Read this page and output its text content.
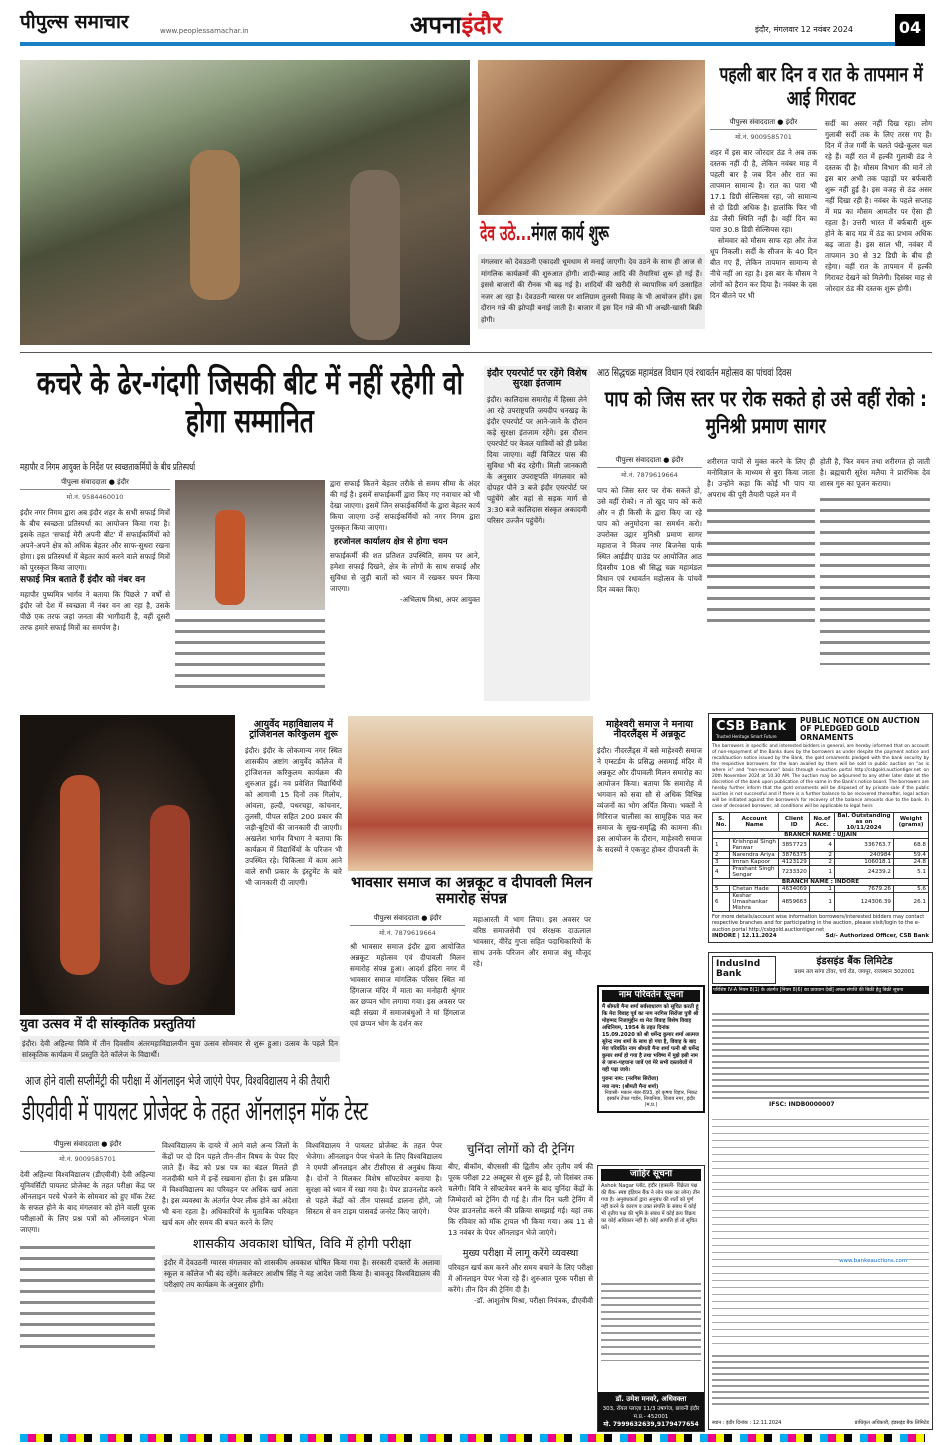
पीपुल्स समाचार	www.peoplessamachar.in	अपनाइंदौर	इंदौर, मंगलवार 12 नवंबर 2024	04
देव उठे...मंगल कार्य शुरू
मंगलवार को देवउठनी एकादशी धूमधाम से मनाई जाएगी। देव उठने के साथ ही आज से मांगलिक कार्यक्रमों की शुरुआत होगी। शादी-ब्याह आदि की तैयारियां शुरू हो गई हैं। इससे बाजारों की रौनक भी बढ़ गई है। शादियों की खरीदी से व्यापारिक वर्ग उत्साहित नजर आ रहा है। देवउठनी ग्यारस पर शालिग्राम तुलसी विवाह के भी आयोजन होंगे। इस दौरान गन्ने की झोपड़ी बनाई जाती है। बाजार में इस दिन गन्ने की भी अच्छी-खासी बिक्री होगी।
पहली बार दिन व रात के तापमान में आई गिरावट
पीपुल्स संवाददाता ● इंदौर
मो.नं. 9009585701
शहर में इस बार जोरदार ठंड ने अब तक दस्तक नहीं दी है, लेकिन नवंबर माह में पहली बार है जब दिन और रात का तापमान सामान्य है। रात का पारा भी 17.1 डिग्री सेल्सियस रहा, जो सामान्य से दो डिग्री अधिक है। हालांकि फिर भी ठंड जैसी स्थिति नहीं है। वहीं दिन का पारा 30.8 डिग्री सेल्सियस रहा।
सोमवार को मौसम साफ रहा और तेज धूप निकली। सर्दी के सीजन के 40 दिन बीत गए हैं, लेकिन तापमान सामान्य से नीचे नहीं आ रहा है। इस बार के मौसम ने लोगों को हैरान कर दिया है। नवंबर के दस दिन बीतने पर भी
सर्दी का असर नहीं दिख रहा। लोग गुलाबी सर्दी तक के लिए तरस गए हैं। दिन में तेज गर्मी के चलते पंखे-कूलर चल रहे हैं। वहीं रात में हल्की गुलाबी ठंड ने दस्तक दी है। मौसम विभाग की मानें तो इस बार अभी तक पहाड़ों पर बर्फबारी शुरू नहीं हुई है। इस वजह से ठंड असर नहीं दिखा रही है। नवंबर के पहले सप्ताह में मप्र का मौसम आमतौर पर ऐसा ही रहता है। उत्तरी भारत में बर्फबारी शुरू होने के बाद मप्र में ठंड का प्रभाव अधिक बढ़ जाता है। इस साल भी, नवंबर में तापमान 30 से 32 डिग्री के बीच ही रहेगा। वहीं रात के तापमान में हल्की गिरावट देखने को मिलेगी। दिसंबर माह से जोरदार ठंड की दस्तक शुरू होगी।
कचरे के ढेर-गंदगी जिसकी बीट में नहीं रहेगी वो होगा सम्मानित
महापौर व निगम आयुक्त के निर्देश पर स्वच्छताकर्मियों के बीच प्रतिस्पर्धा
पीपुल्स संवाददाता ● इंदौर
मो.नं. 9584460010
इंदौर नगर निगम द्वारा अब इंदौर शहर के सभी सफाई मित्रों के बीच स्वच्छता प्रतिस्पर्धा का आयोजन किया गया है। इसके तहत 'सफाई मेरी अपनी बीट' में सफाईकर्मियों को अपने-अपने क्षेत्र को अधिक बेहतर और साफ-सुथरा रखना होगा। इस प्रतिस्पर्धा में बेहतर कार्य करने वाले सफाई मित्रों को पुरस्कृत किया जाएगा।
सफाई मित्र बताते हैं इंदौर को नंबर वन
महापौर पुष्यमित्र भार्गव ने बताया कि पिछले 7 वर्षों से इंदौर जो देश में स्वच्छता में नंबर वन आ रहा है, उसके पीछे एक तरफ जहां जनता की भागीदारी है, वहीं दूसरी तरफ हमारे सफाई मित्रों का समर्पण है।
द्वारा सफाई कितने बेहतर तरीके से समय सीमा के अंदर की गई है। इसमें सफाईकर्मी द्वारा किए गए नवाचार को भी देखा जाएगा। इसमें जिन सफाईकर्मियों के द्वारा बेहतर कार्य किया जाएगा उन्हें सफाईकर्मियों को नगर निगम द्वारा पुरस्कृत किया जाएगा।
हरजोनल कार्यालय क्षेत्र से होगा चयन
सफाईकर्मी की शत प्रतिशत उपस्थिति, समय पर आने, हमेशा सफाई दिखने, क्षेत्र के लोगों के साथ सफाई और सुविधा से जुड़ी बातों को ध्यान में रखकर चयन किया जाएगा।
-अभिलाष मिश्रा, अपर आयुक्त
इंदौर एयरपोर्ट पर रहेंगे विशेष सुरक्षा इंतजाम
इंदौर। कालिदास समारोह में हिस्सा लेने आ रहे उपराष्ट्रपति जयदीप धनखड़ के इंदौर एयरपोर्ट पर आने-जाने के दौरान कड़े सुरक्षा इंतजाम रहेंगे। इस दौरान एयरपोर्ट पर केवल यात्रियों को ही प्रवेश दिया जाएगा। वहीं विजिटर पास की सुविधा भी बंद रहेगी। मिली जानकारी के अनुसार उपराष्ट्रपति मंगलवार को दोपहर पौने 3 बजे इंदौर एयरपोर्ट पर पहुंचेंगे और वहां से सड़क मार्ग से 3:30 बजे कालिदास संस्कृत अकादमी परिसर उज्जैन पहुंचेंगे।
आठ सिद्धचक्र महामंडल विधान एवं रथावर्तन महोत्सव का पांचवां दिवस
पाप को जिस स्तर पर रोक सकते हो उसे वहीं रोको : मुनिश्री प्रमाण सागर
पीपुल्स संवाददाता ● इंदौर
मो.नं. 7879619664
पाप को जिस स्तर पर रोक सकते हो, उसे वहीं रोको। न तो खुद पाप को करो और न ही किसी के द्वारा किए जा रहे पाप को अनुमोदना का समर्थन करो। उपरोक्त उद्गार मुनिश्री प्रमाण सागर महाराज ने विजय नगर बिजनेस पार्क स्थित आईडीए ग्राउंड पर आयोजित आठ दिवसीय 108 श्री सिद्ध चक्र महामंडल विधान एवं रथावर्तन महोत्सव के पांचवें दिन व्यक्त किए।
शरीरगत पापों से मुक्त करने के लिए ही मनोविज्ञान के माध्यम से बुरा किया जाता है। उन्होंने कहा कि कोई भी पाप या अपराध की पूरी तैयारी पहले मन में
होती है, फिर वचन तथा शरीरगत हो जाती है। ब्रह्मचारी सुरेश मलैया ने प्रारंभिक देव शास्त्र गुरु का पूजन कराया।
युवा उत्सव में दी सांस्कृतिक प्रस्तुतियां
इंदौर। देवी अहिल्या विवि में तीन दिवसीय अंतरमहाविद्यालयीन युवा उत्सव सोमवार से शुरू हुआ। उत्सव के पहले दिन सांस्कृतिक कार्यक्रम में प्रस्तुति देते कॉलेज के विद्यार्थी।
आयुर्वेद महाविद्यालय में ट्रांजिशनल करिकुलम शुरू
इंदौर। इंदौर के लोकमान्य नगर स्थित शासकीय अष्टांग आयुर्वेद कॉलेज में ट्रांजिशनल करिकुलम कार्यक्रम की शुरुआत हुई। नव प्रवेशित विद्यार्थियों को आगामी 15 दिनों तक गिलोय, आंवला, हल्दी, पथरचट्टा, कांचनार, तुलसी, पीपल सहित 200 प्रकार की जड़ी-बूटियों की जानकारी दी जाएगी। अखलेश भार्गव विभाग ने बताया कि कार्यक्रम में विद्यार्थियों के परिजन भी उपस्थित रहे। चिकित्सा में काम आने वाले सभी प्रकार के इंस्ट्रूमेंट के बारे भी जानकारी दी जाएगी।	भावसार समाज का अन्नकूट व दीपावली मिलन समारोह संपन्न
पीपुल्स संवाददाता ● इंदौर
मो.नं. 7879619664
श्री भावसार समाज इंदौर द्वारा आयोजित अन्नकूट महोत्सव एवं दीपावली मिलन समारोह संपन्न हुआ। आदर्श इंदिरा नगर में भावसार समाज मांगलिक परिसर स्थित मां हिंगलाज मंदिर में माता का मनोहारी श्रृंगार कर छप्पन भोग लगाया गया। इस अवसर पर बड़ी संख्या में समाजबंधुओं ने मां हिंगलाज एवं छप्पन भोग के दर्शन कर
महाआरती में भाग लिया। इस अवसर पर वरिष्ठ समाजसेवी एवं संरक्षक दाऊलाल भावसार, वीरेंद्र गुप्ता सहित पदाधिकारियों के साथ उनके परिजन और समाज बंधु मौजूद रहे।
माहेश्वरी समाज ने मनाया नीदरलैंड्स में अन्नकूट
इंदौर। नीदरलैंड्स में बसे माहेश्वरी समाज ने एम्स्टर्डम के प्रसिद्ध असमाई मंदिर में अन्नकूट और दीपावली मिलन समारोह का आयोजन किया। बताया कि समारोह में भगवान को सवा सौ से अधिक विभिन्न व्यंजनों का भोग अर्पित किया। भक्तों ने गिरिराज चालीसा का सामूहिक पाठ कर समाज के सुख-समृद्धि की कामना की। इस आयोजन के दौरान, माहेश्वरी समाज के सदस्यों ने एकजुट होकर दीपावली के
CSB Bank
Trusted Heritage Smart Future
PUBLIC NOTICE ON AUCTION OF PLEDGED GOLD ORNAMENTS
The borrowers in specific and interested bidders in general, are hereby informed that on account of non-repayment of the Banks dues by the borrowers as under despite the payment notice and recall/auction notice issued by the Bank, the gold ornaments pledged with the bank security by the respective borrowers for the loan availed by them will be sold in public auction on "as is where is" and "non-recourse" basis through e-auction portal http://csbgold.auctiontiger.net on 20th November 2024 at 10.30 AM. The auction may be adjourned to any other later date at the discretion of the bank upon publication of the same in the Bank's notice board. The borrowers are hereby further inform that the gold ornaments will be disposed of by private sale if the public auction is not successful and if there is a further balance to be recovered thereafter, legal action will be initiated against the borrower/s for recovery of the balance amounts due to the bank. In case of deceased borrower, all conditions will be applicable to legal heirs
S. No.	Account Name	Client ID	No.of Acc.	Bal. Outstanding as on 10/11/2024	Weight (grams)
BRANCH NAME : UJJAIN					
1	Krishnpal Singh Panwar	3857723	4	336763.7	68.8
2	Narendra Ariya	3876375	2	240984	59.4
3	Imran Kapoor	4123129	2	106018.1	24.8
4	Prashant Singh Sengar	7233320	1	24239.2	5.1
BRANCH NAME : INDORE					
5	Chetan Hade	4634069	1	7679.26	5.6
6	Keshar Umashankar Mishra	4859663	1	124306.39	26.1
For more details/account wise information borrowers/interested bidders may contact respective branches and for participating in the auction, please visit/login to the e-auction portal http://csbgold.auctiontiger.net
INDORE | 12.11.2024	Sd/- Authorized Officer, CSB Bank
IndusInd Bank
इंडसइंड बैंक लिमिटेड
प्रथम तल सांगा टॉवर, चर्च रोड, जयपुर, राजस्थान 302001
परिशिष्ट IV-A नियम 8(1) के अंतर्गत [नियम 8(6) का प्रावधान देखें] अचल संपत्ति की बिक्री हेतु बिक्री सूचना
IFSC: INDB0000007
www.bankeauctions.com
स्थान : इंदौर दिनांक : 12.11.2024	प्राधिकृत अधिकारी, इंडसइंड बैंक लिमिटेड
नाम परिवर्तन सूचना
मैं श्रीमती मैना शर्मा सर्वसाधारण को सूचित करती हूं कि मेरा विवाह पूर्व का नाम नरगिस सिरोंजा पुत्री श्री मोहम्मद निजामुद्दीन था मेरा विवाह विशेष विवाह अधिनियम, 1954 के तहत दिनांक 15.09.2020 को श्री धर्मेन्द्र कुमार शर्मा आत्मज सुरेन्द्र नाथ शर्मा के साथ हो गया है, विवाह के बाद मेरा परिवर्तित नाम श्रीमती मैना शर्मा पत्नी श्री धर्मेन्द्र कुमार शर्मा हो गया है तथा भविष्य में मुझे इसी नाम से जाना-पहचाना जावें एवं मेरे सभी दस्तावेजों में यही पढ़ा जावे।
पुराना नाम: (नरगिस सिरोंजा)
नया नाम: (श्रीमती मैना शर्मा)
निवासी- मकान नंबर-893, हरे कृष्णा विहार, निकट इस्कॉन टेंपल गार्डन, निपानिया, विजय नगर, इंदौर (म.प्र.)
जाहिर सूचना
Ashok Nagar प्लॉट, इंदौर (हासली- विक्रेता पक्ष की बैंक- स्पष्ट इंडियन बैंक ने लोन पास का लोन) तीन गया है। अनुबंधकर्ता द्वारा अनुबंध की शर्तों को पूर्ण नहीं करने के कारण व उक्त संपत्ति के संबंध में कोई भी तृतीय पक्ष की भूमि के संबंध में कोई क्रय विक्रय का कोई अधिकार नहीं है। कोई आपत्ति हो तो सूचित करें।
डॉ. उमेश मनवरे, अधिवक्ता
303, रॉयल प्लाज़ा 11/3 उषागंज, छावनी इंदौर म.प्र.- 452001
मो. 7999632639,9179477654
आज होने वाली सप्लीमेंट्री की परीक्षा में ऑनलाइन भेजे जाएंगे पेपर, विश्वविद्यालय ने की तैयारी
डीएवीवी में पायलट प्रोजेक्ट के तहत ऑनलाइन मॉक टेस्ट
पीपुल्स संवाददाता ● इंदौर
मो.नं. 9009585701
देवी अहिल्या विश्वविद्यालय (डीएवीवी) देवी अहिल्या यूनिवर्सिटी पायलट प्रोजेक्ट के तहत परीक्षा केंद्र पर ऑनलाइन परचे भेजने के सोमवार को हुए मॉक टेस्ट के सफल होने के बाद मंगलवार को होने वाली पूरक परीक्षाओं के लिए प्रश्न पत्रों को ऑनलाइन भेजा जाएगा।
विश्वविद्यालय के दायरे में आने वाले अन्य जिलों के केंद्रों पर दो दिन पहले तीन-तीन विषय के पेपर दिए जाते हैं। केंद्र को प्रश्न पत्र का बंडल मिलते ही नजदीकी थाने में इन्हें रखवाना होता है। इस प्रक्रिया में विश्वविद्यालय का परिवहन पर अधिक खर्च आता है। इस व्यवस्था के अंतर्गत पेपर लीक होने का अंदेशा भी बना रहता है। अधिकारियों के मुताबिक परिवहन खर्च कम और समय की बचत करने के लिए
विश्वविद्यालय ने पायलट प्रोजेक्ट के तहत पेपर भेजेगा। ऑनलाइन पेपर भेजने के लिए विश्वविद्यालय ने एमपी ऑनलाइन और टीसीएस से अनुबंध किया है। दोनों ने मिलकर विशेष सॉफ्टवेयर बनाया है। सुरक्षा को ध्यान में रखा गया है। पेपर डाउनलोड करने से पहले केंद्रों को तीन पासवर्ड डालना होंगे, जो सिस्टम से वन टाइम पासवर्ड जनरेट किए जाएंगे।
शासकीय अवकाश घोषित, विवि में होगी परीक्षा
इंदौर में देवउठनी ग्यारस मंगलवार को शासकीय अवकाश घोषित किया गया है। सरकारी दफ्तरों के अलावा स्कूल व कॉलेज भी बंद रहेंगे। कलेक्टर आशीष सिंह ने यह आदेश जारी किया है। बावजूद विश्वविद्यालय की परीक्षाएं तय कार्यक्रम के अनुसार होंगी।
चुनिंदा लोगों को दी ट्रेनिंग
बीए, बीकॉम, बीएससी की द्वितीय और तृतीय वर्ष की पूरक परीक्षा 22 अक्टूबर से शुरू हुई है, जो दिसंबर तक चलेगी। विवि ने सॉफ्टवेयर बनने के बाद चुनिंदा केंद्रों के जिम्मेदारों को ट्रेनिंग दी गई है। तीन दिन चली ट्रेनिंग में पेपर डाउनलोड करने की प्रक्रिया समझाई गई। यहां तक कि रविवार को मॉक ट्रायल भी किया गया। अब 11 से 13 नवंबर के पेपर ऑनलाइन भेजे जाएंगे।
मुख्य परीक्षा में लागू करेंगे व्यवस्था
परिवहन खर्च कम करने और समय बचाने के लिए परीक्षा में ऑनलाइन पेपर भेजा रहे हैं। शुरुआत पूरक परीक्षा से करेंगे। तीन दिन की ट्रेनिंग दी है।
-डॉ. आशुतोष मिश्रा, परीक्षा नियंत्रक, डीएवीवी
